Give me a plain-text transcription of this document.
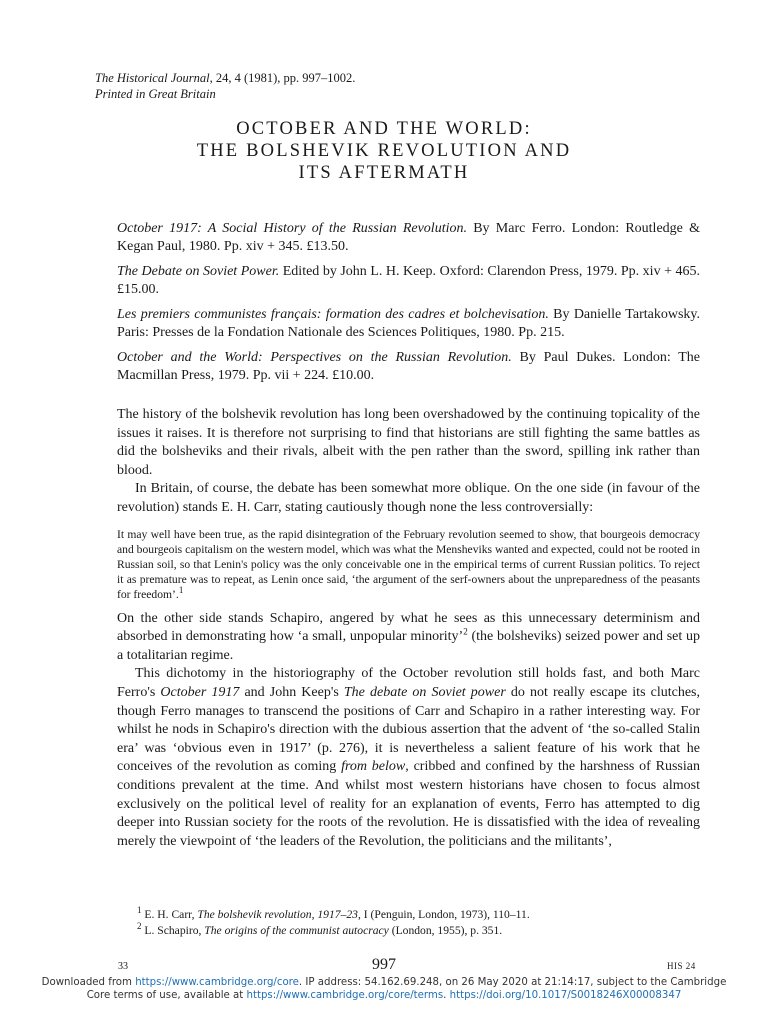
The Historical Journal, 24, 4 (1981), pp. 997–1002.
Printed in Great Britain
OCTOBER AND THE WORLD:
THE BOLSHEVIK REVOLUTION AND
ITS AFTERMATH

October 1917: A Social History of the Russian Revolution. By Marc Ferro. London: Routledge & Kegan Paul, 1980. Pp. xiv + 345. £13.50.

The Debate on Soviet Power. Edited by John L. H. Keep. Oxford: Clarendon Press, 1979. Pp. xiv + 465. £15.00.

Les premiers communistes français: formation des cadres et bolchevisation. By Danielle Tartakowsky. Paris: Presses de la Fondation Nationale des Sciences Politiques, 1980. Pp. 215.

October and the World: Perspectives on the Russian Revolution. By Paul Dukes. London: The Macmillan Press, 1979. Pp. vii + 224. £10.00.

The history of the bolshevik revolution has long been overshadowed by the continuing topicality of the issues it raises. It is therefore not surprising to find that historians are still fighting the same battles as did the bolsheviks and their rivals, albeit with the pen rather than the sword, spilling ink rather than blood.

In Britain, of course, the debate has been somewhat more oblique. On the one side (in favour of the revolution) stands E. H. Carr, stating cautiously though none the less controversially:

It may well have been true, as the rapid disintegration of the February revolution seemed to show, that bourgeois democracy and bourgeois capitalism on the western model, which was what the Mensheviks wanted and expected, could not be rooted in Russian soil, so that Lenin's policy was the only conceivable one in the empirical terms of current Russian politics. To reject it as premature was to repeat, as Lenin once said, ‘the argument of the serf-owners about the unpreparedness of the peasants for freedom’.$^1$

On the other side stands Schapiro, angered by what he sees as this unnecessary determinism and absorbed in demonstrating how ‘a small, unpopular minority’$^2$ (the bolsheviks) seized power and set up a totalitarian regime.

This dichotomy in the historiography of the October revolution still holds fast, and both Marc Ferro's October 1917 and John Keep's The debate on Soviet power do not really escape its clutches, though Ferro manages to transcend the positions of Carr and Schapiro in a rather interesting way. For whilst he nods in Schapiro's direction with the dubious assertion that the advent of ‘the so-called Stalin era’ was ‘obvious even in 1917’ (p. 276), it is nevertheless a salient feature of his work that he conceives of the revolution as coming from below, cribbed and confined by the harshness of Russian conditions prevalent at the time. And whilst most western historians have chosen to focus almost exclusively on the political level of reality for an explanation of events, Ferro has attempted to dig deeper into Russian society for the roots of the revolution. He is dissatisfied with the idea of revealing merely the viewpoint of ‘the leaders of the Revolution, the politicians and the militants’,

$^1$ E. H. Carr, The bolshevik revolution, 1917–23, I (Penguin, London, 1973), 110–11.
$^2$ L. Schapiro, The origins of the communist autocracy (London, 1955), p. 351.
33	997	HIS 24
Downloaded from https://www.cambridge.org/core. IP address: 54.162.69.248, on 26 May 2020 at 21:14:17, subject to the Cambridge
Core terms of use, available at https://www.cambridge.org/core/terms. https://doi.org/10.1017/S0018246X00008347
